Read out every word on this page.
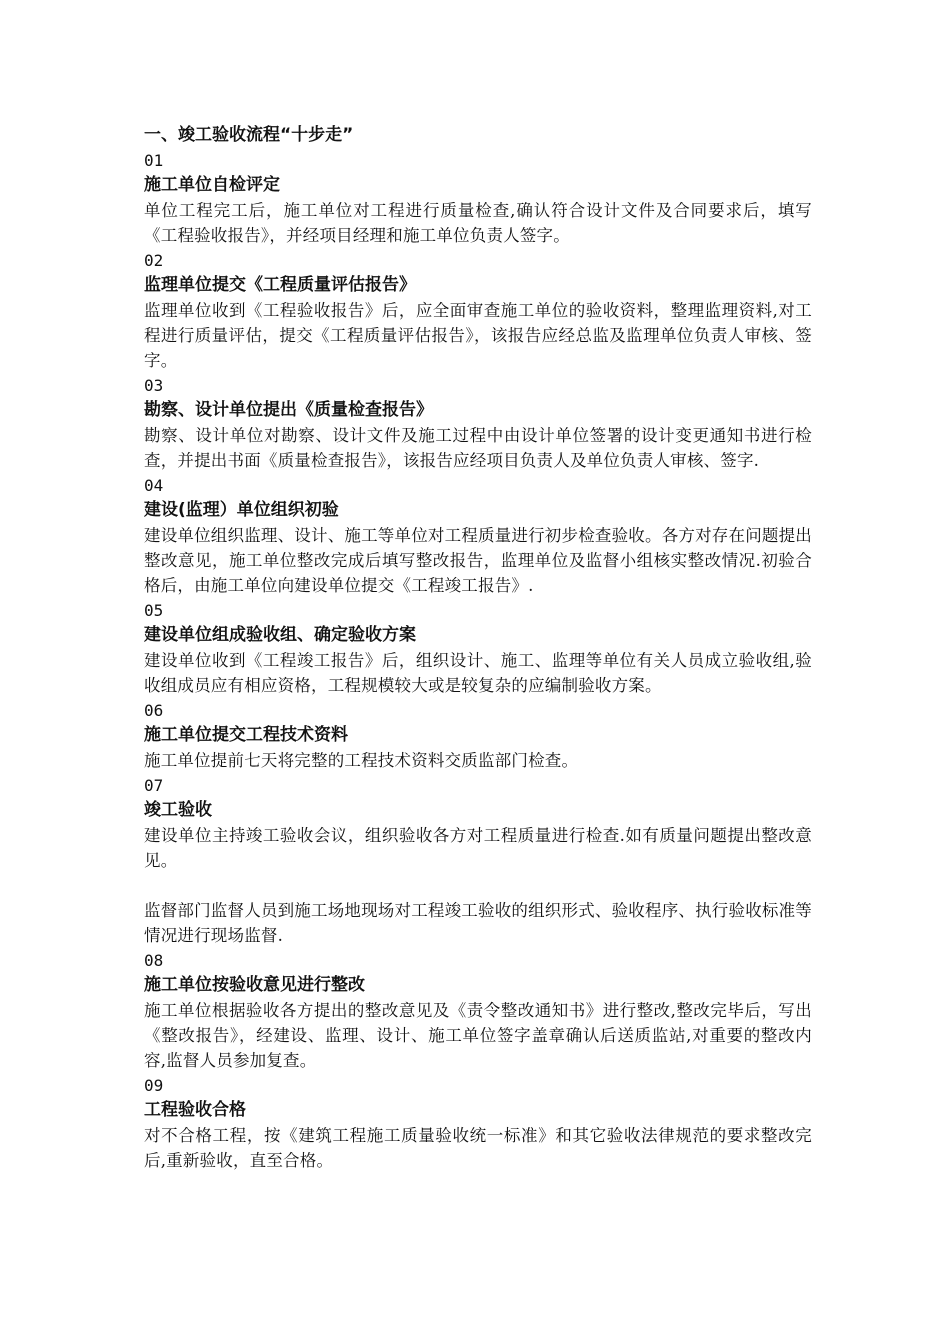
一、竣工验收流程“十步走”

01

施工单位自检评定

单位工程完工后，施工单位对工程进行质量检查,确认符合设计文件及合同要求后，填写《工程验收报告》，并经项目经理和施工单位负责人签字。

02

监理单位提交《工程质量评估报告》

监理单位收到《工程验收报告》后，应全面审查施工单位的验收资料，整理监理资料,对工程进行质量评估，提交《工程质量评估报告》，该报告应经总监及监理单位负责人审核、签字。

03

勘察、设计单位提出《质量检查报告》

勘察、设计单位对勘察、设计文件及施工过程中由设计单位签署的设计变更通知书进行检查，并提出书面《质量检查报告》，该报告应经项目负责人及单位负责人审核、签字.

04

建设(监理）单位组织初验

建设单位组织监理、设计、施工等单位对工程质量进行初步检查验收。各方对存在问题提出整改意见，施工单位整改完成后填写整改报告，监理单位及监督小组核实整改情况.初验合格后，由施工单位向建设单位提交《工程竣工报告》.

05

建设单位组成验收组、确定验收方案

建设单位收到《工程竣工报告》后，组织设计、施工、监理等单位有关人员成立验收组,验收组成员应有相应资格，工程规模较大或是较复杂的应编制验收方案。

06

施工单位提交工程技术资料

施工单位提前七天将完整的工程技术资料交质监部门检查。

07

竣工验收

建设单位主持竣工验收会议，组织验收各方对工程质量进行检查.如有质量问题提出整改意见。

监督部门监督人员到施工场地现场对工程竣工验收的组织形式、验收程序、执行验收标准等情况进行现场监督.

08

施工单位按验收意见进行整改

施工单位根据验收各方提出的整改意见及《责令整改通知书》进行整改,整改完毕后，写出《整改报告》，经建设、监理、设计、施工单位签字盖章确认后送质监站,对重要的整改内容,监督人员参加复查。

09

工程验收合格

对不合格工程，按《建筑工程施工质量验收统一标准》和其它验收法律规范的要求整改完后,重新验收，直至合格。
